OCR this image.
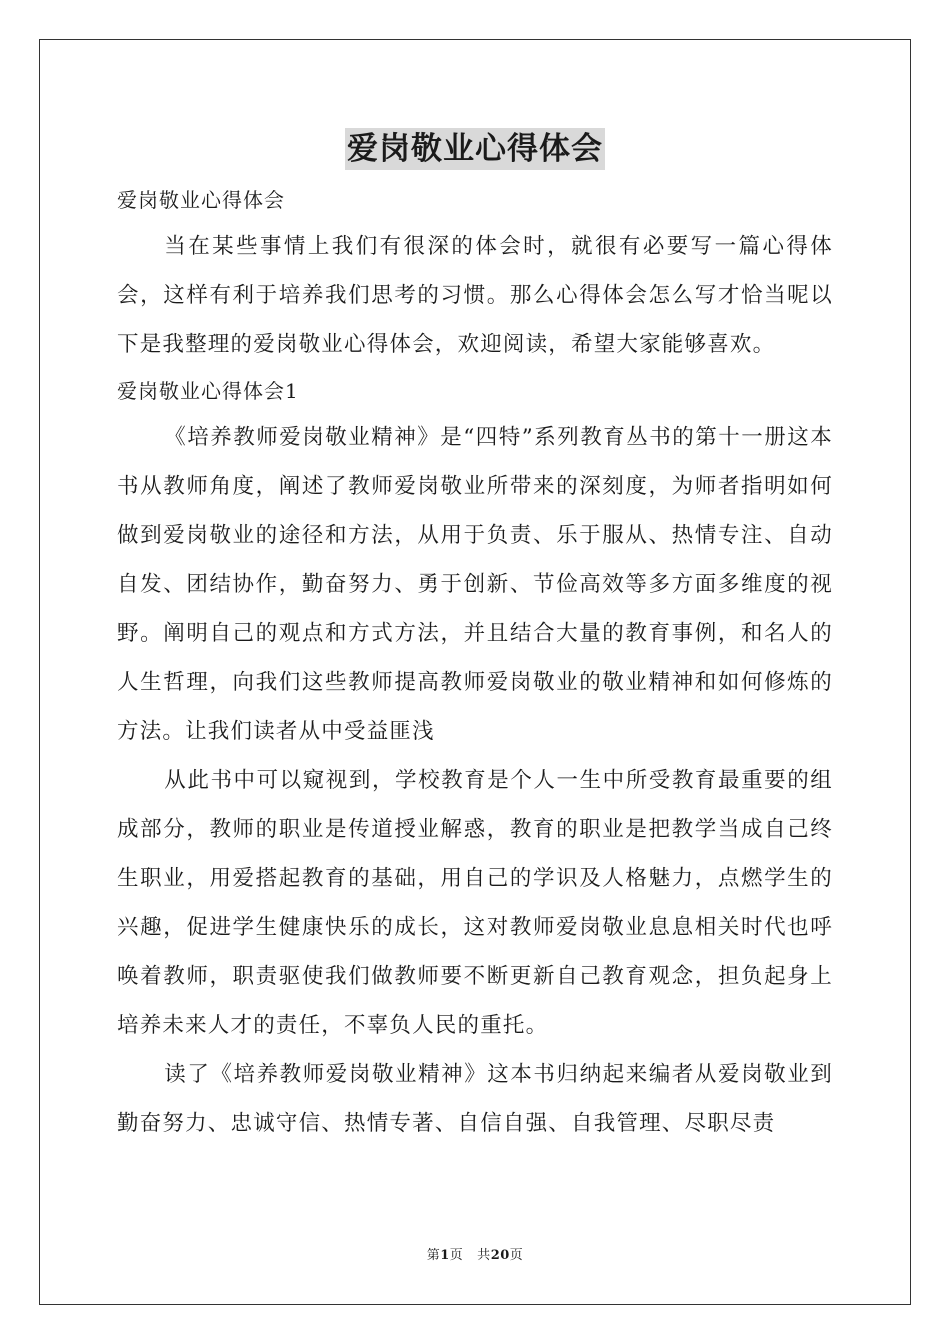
爱岗敬业心得体会

爱岗敬业心得体会

当在某些事情上我们有很深的体会时，就很有必要写一篇心得体会，这样有利于培养我们思考的习惯。那么心得体会怎么写才恰当呢以下是我整理的爱岗敬业心得体会，欢迎阅读，希望大家能够喜欢。

爱岗敬业心得体会1

《培养教师爱岗敬业精神》是“四特”系列教育丛书的第十一册这本书从教师角度，阐述了教师爱岗敬业所带来的深刻度，为师者指明如何做到爱岗敬业的途径和方法，从用于负责、乐于服从、热情专注、自动自发、团结协作，勤奋努力、勇于创新、节俭高效等多方面多维度的视野。阐明自己的观点和方式方法，并且结合大量的教育事例，和名人的人生哲理，向我们这些教师提高教师爱岗敬业的敬业精神和如何修炼的方法。让我们读者从中受益匪浅

从此书中可以窥视到，学校教育是个人一生中所受教育最重要的组成部分，教师的职业是传道授业解惑，教育的职业是把教学当成自己终生职业，用爱搭起教育的基础，用自己的学识及人格魅力，点燃学生的兴趣，促进学生健康快乐的成长，这对教师爱岗敬业息息相关时代也呼唤着教师，职责驱使我们做教师要不断更新自己教育观念，担负起身上培养未来人才的责任，不辜负人民的重托。

读了《培养教师爱岗敬业精神》这本书归纳起来编者从爱岗敬业到勤奋努力、忠诚守信、热情专著、自信自强、自我管理、尽职尽责

第1页 共20页
